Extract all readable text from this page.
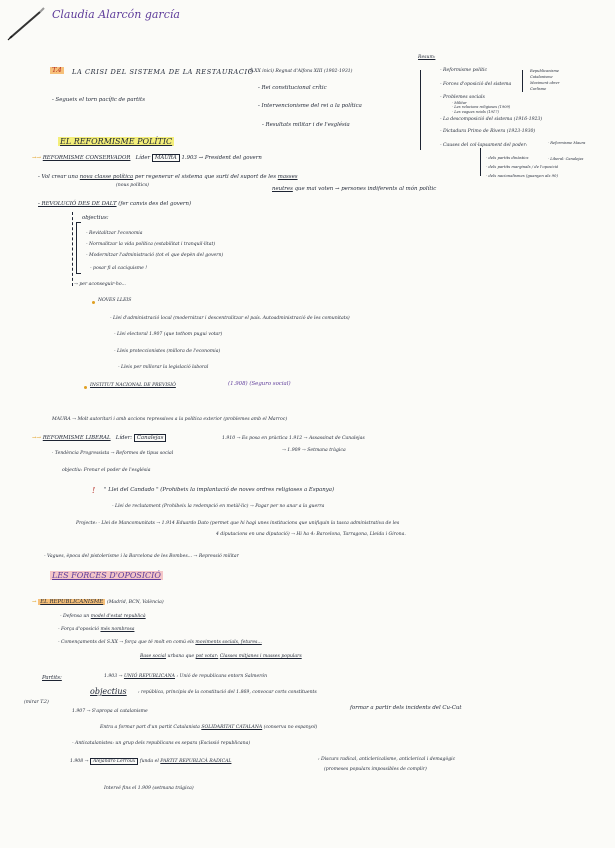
Claudia Alarcón garcía
T.4	LA CRISI DEL SISTEMA DE LA RESTAURACIÓ
(S.XX inici) Regnat d'Alfons XIII (1902-1931)
- Segueix el torn pacífic de partits
- Rei constitucional crític
- Intervencionisme del rei a la política
- Resultats militar i de l'església
Resum:
- Reformisme polític
- Forces d'oposició del sistema
- Problemes socials
· Militar
· Les relacions religioses (1909)
· Les vagues reials (1917)
- La descomposició del sistema (1916-1923)
- Dictadura Primo de Rivera (1923-1930)
- Causes del col·lapsament del poder:
· dels partits dinàstics
· dels partits marginals / de l'oposició
· dels nacionalismes (guanyen als 90)
Republicanisme
Catalanisme
Moviment obrer
Carlisme
· Reformisme Maura
· Liberal: Canalejas
EL REFORMISME POLÍTIC
→→ REFORMISME CONSERVADOR Líder MAURA 1.903 → President del govern
- Vol crear una nova classe política per regenerar el sistema que surti del suport de les masses
(nous polítics)
neutres que mai voten → persones indiferents al món polític
- REVOLUCIÓ DES DE DALT (fer canvis des del govern)
objectius:
- Revitalitzar l'economia
- Normalitzar la vida política (estabilitat i tranquil·litat)
- Modernitzar l'administració (tot el que depèn del govern)
- posar fi al caciquisme !
→ per aconseguir-ho...
NOVES LLEIS
- Llei d'administració local (modernitzar i descentralitzar el país. Autoadministració de les comunitats)
- Llei electoral 1.907 (que tothom pugui votar)
- Lleis proteccionistes (millora de l'economia)
- Lleis per millorar la legislació laboral
INSTITUT NACIONAL DE PREVISIÓ	(1.908) (Seguro social)
MAURA → Molt autoritari i amb accions repressives a la política exterior (problemes amb el Marroc)
→→ REFORMISME LIBERAL Líder: Canalejas	1.910 → Es posa en pràctica 1.912 → Assassinat de Canalejas
· Tendència Progressista → Reformes de tipus social
→ 1.909 → Setmana tràgica
objectiu: Frenar el poder de l'església
! " Llei del Candado " (Prohibeix la implantació de noves ordres religioses a Espanya)
- Llei de reclutament (Prohibeix la redempció en metàl·lic) → Pagar per no anar a la guerra
Projecte: - Llei de Mancomunitats → 1.914 Eduardo Dato (permet que hi hagi unes institucions que unifiquin la tasca administrativa de les
4 diputacions en una diputació) → Hi ha 4: Barcelona, Tarragona, Lleida i Girona.
- Vagues, època del pistolerisme i la Barcelona de les Bombes... → Repressió militar
LES FORCES D'OPOSICIÓ
→ EL REPUBLICANISME (Madrid, BCN, València)
- Defensa un model d'estat republicà
- Força d'oposició més nombrosa
- Començaments del S.XX → força que té molt en comú els moviments socials, fetures...
Base social urbana que pot votar: Classes mitjanes i masses populars
Partits:	1.903 → UNIÓ REPUBLICANA : Unió de republicans entorn Salmerón
objectius : república, principis de la constitució del 1.869, convocar corts constituents
(mirar T.2)
formar a partir dels incidents del Cu-Cut
1.907 → S'apropa al catalanisme
Entra a formar part d'un partit Catalanista SOLIDARITAT CATALANA (conserva no espanyol)
- Anticatalanistes: un grup dels republicans es separa (Escissió republicana)
1.908 → Alejandro Lerroux funda el PARTIT REPUBLICÀ RADICAL	: Discurs radical, anticlericalisme, anticlerical i demagògic
(promeses populars impossibles de complir)
Intervé fins el 1.909 (setmana trágica)
